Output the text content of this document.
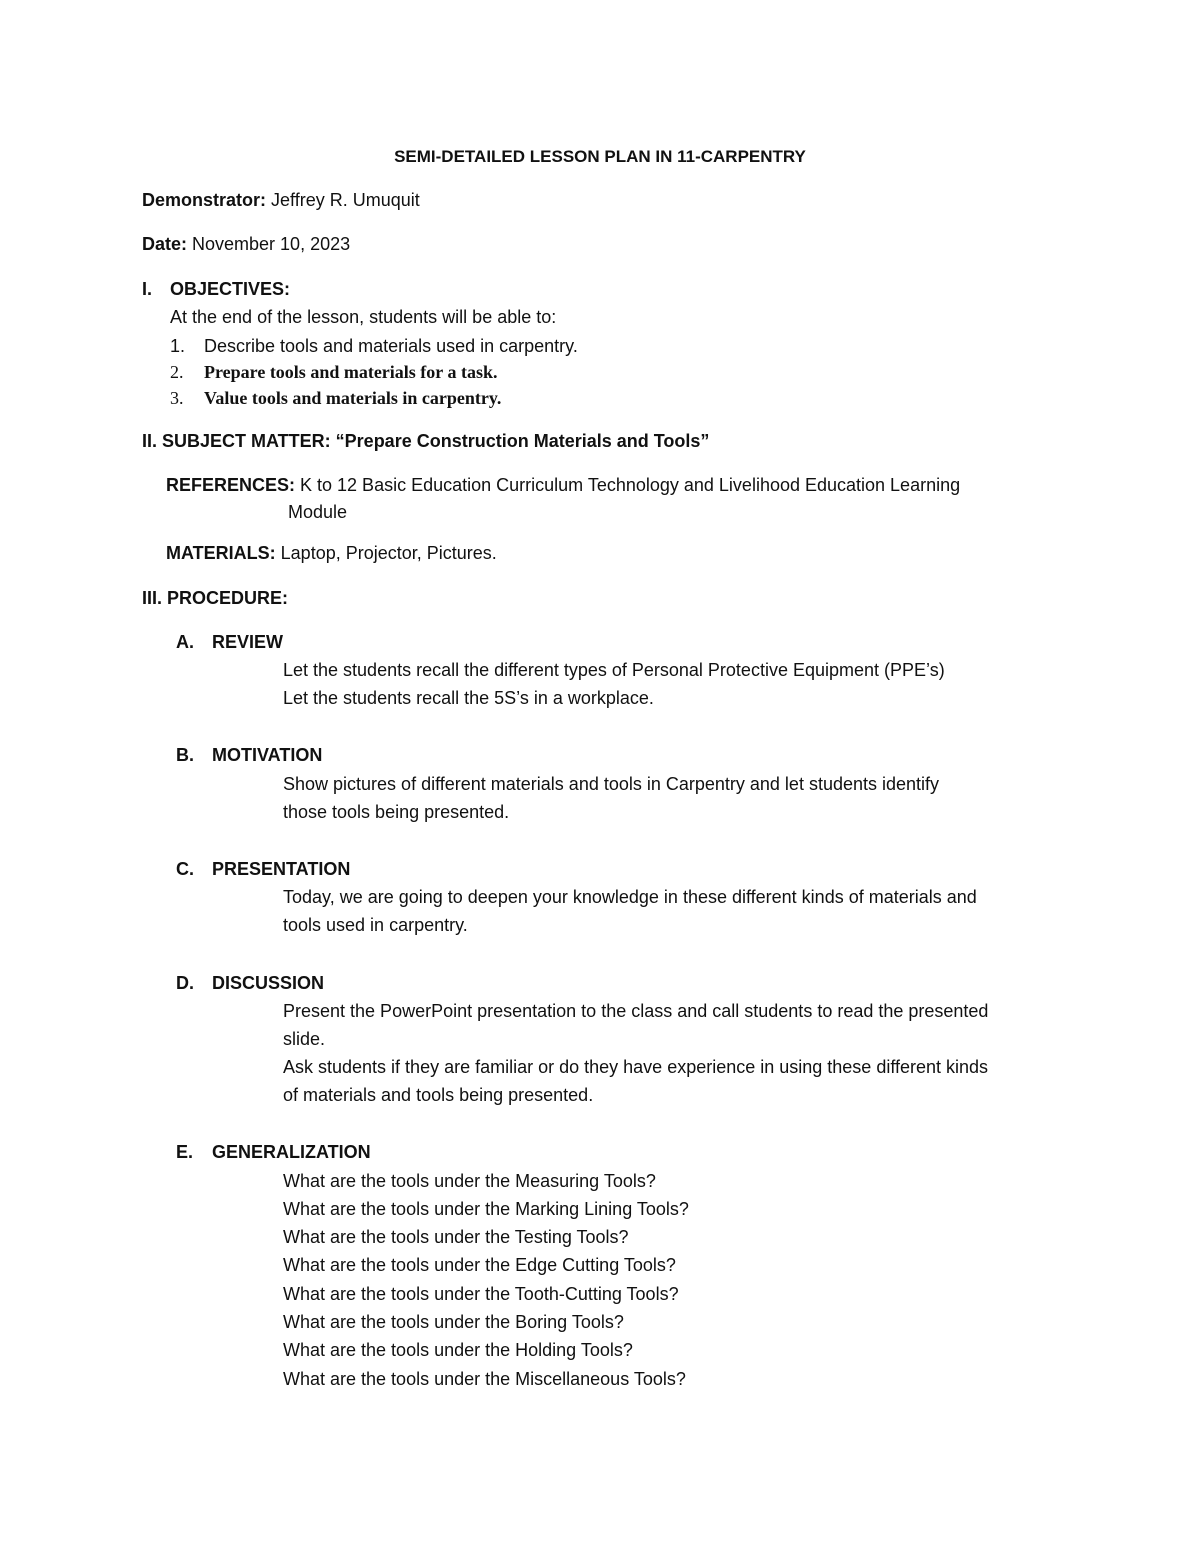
SEMI-DETAILED LESSON PLAN IN 11-CARPENTRY
Demonstrator: Jeffrey R. Umuquit
Date: November 10, 2023
I. OBJECTIVES:
At the end of the lesson, students will be able to:
1. Describe tools and materials used in carpentry.
2. Prepare tools and materials for a task.
3. Value tools and materials in carpentry.
II. SUBJECT MATTER: “Prepare Construction Materials and Tools”
REFERENCES: K to 12 Basic Education Curriculum Technology and Livelihood Education Learning
Module
MATERIALS: Laptop, Projector, Pictures.
III. PROCEDURE:
A. REVIEW
Let the students recall the different types of Personal Protective Equipment (PPE’s)
Let the students recall the 5S’s in a workplace.
B. MOTIVATION
Show pictures of different materials and tools in Carpentry and let students identify
those tools being presented.
C. PRESENTATION
Today, we are going to deepen your knowledge in these different kinds of materials and
tools used in carpentry.
D. DISCUSSION
Present the PowerPoint presentation to the class and call students to read the presented
slide.
Ask students if they are familiar or do they have experience in using these different kinds
of materials and tools being presented.
E. GENERALIZATION
What are the tools under the Measuring Tools?
What are the tools under the Marking Lining Tools?
What are the tools under the Testing Tools?
What are the tools under the Edge Cutting Tools?
What are the tools under the Tooth-Cutting Tools?
What are the tools under the Boring Tools?
What are the tools under the Holding Tools?
What are the tools under the Miscellaneous Tools?
